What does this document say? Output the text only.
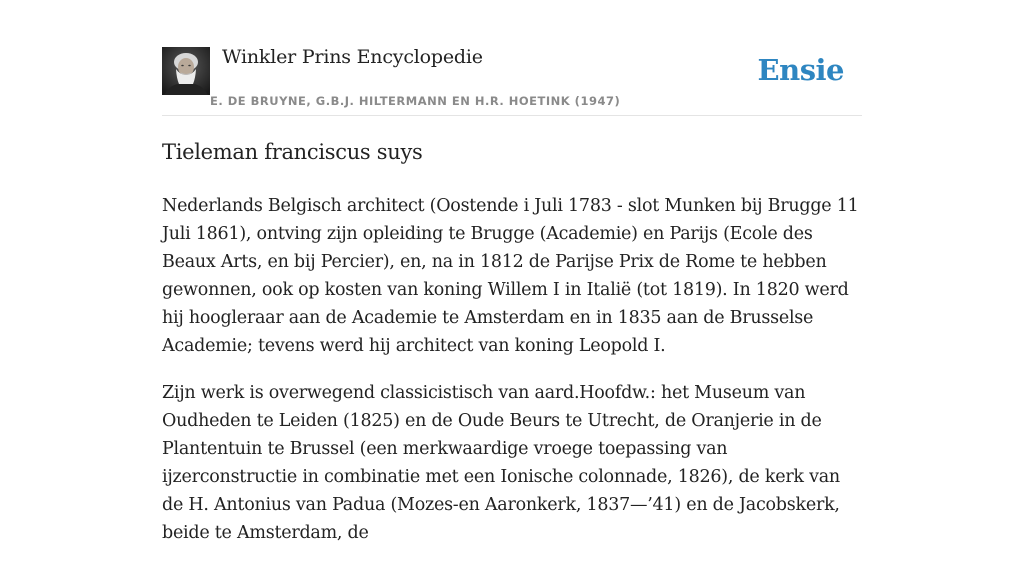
Winkler Prins Encyclopedie
E. DE BRUYNE, G.B.J. HILTERMANN EN H.R. HOETINK (1947)
Ensie
Tieleman franciscus suys

Nederlands Belgisch architect (Oostende i Juli 1783 - slot Munken bij Brugge 11 Juli 1861), ontving zijn opleiding te Brugge (Academie) en Parijs (Ecole des Beaux Arts, en bij Percier), en, na in 1812 de Parijse Prix de Rome te hebben gewonnen, ook op kosten van koning Willem I in Italië (tot 1819). In 1820 werd hij hoogleraar aan de Academie te Amsterdam en in 1835 aan de Brusselse Academie; tevens werd hij architect van koning Leopold I.

Zijn werk is overwegend classicistisch van aard.Hoofdw.: het Museum van Oudheden te Leiden (1825) en de Oude Beurs te Utrecht, de Oranjerie in de Plantentuin te Brussel (een merkwaardige vroege toepassing van ijzerconstructie in combinatie met een Ionische colonnade, 1826), de kerk van de H. Antonius van Padua (Mozes-en Aaronkerk, 1837—’41) en de Jacobskerk, beide te Amsterdam, de
